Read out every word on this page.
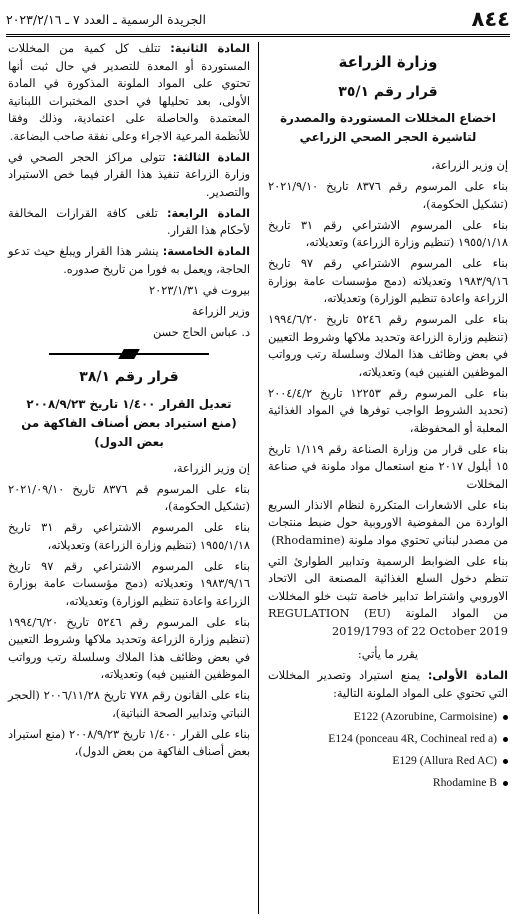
٨٤٤
الجريدة الرسمية ـ العدد ٧ ـ ٢٠٢٣/٢/١٦
وزارة الزراعة
قرار رقم ٣٥/١
اخضاع المخللات المستوردة والمصدرة لتاشيرة الحجر الصحي الزراعي

إن وزير الزراعة،

بناء على المرسوم رقم ٨٣٧٦ تاريخ ٢٠٢١/٩/١٠ (تشكيل الحكومة)،

بناء على المرسوم الاشتراعي رقم ٣١ تاريخ ١٩٥٥/١/١٨ (تنظيم وزارة الزراعة) وتعديلاته،

بناء على المرسوم الاشتراعي رقم ٩٧ تاريخ ١٩٨٣/٩/١٦ وتعديلاته (دمج مؤسسات عامة بوزارة الزراعة واعادة تنظيم الوزارة) وتعديلاته،

بناء على المرسوم رقم ٥٢٤٦ تاريخ ١٩٩٤/٦/٢٠ (تنظيم وزارة الزراعة وتحديد ملاكها وشروط التعيين في بعض وظائف هذا الملاك وسلسلة رتب ورواتب الموظفين الفنيين فيه) وتعديلاته،

بناء على المرسوم رقم ١٢٢٥٣ تاريخ ٢٠٠٤/٤/٢ (تحديد الشروط الواجب توفرها في المواد الغذائية المعلبة أو المحفوظة،

بناء على قرار من وزارة الصناعة رقم ١/١١٩ تاريخ ١٥ أيلول ٢٠١٧ منع استعمال مواد ملونة في صناعة المخللات

بناء على الاشعارات المتكررة لنظام الانذار السريع الواردة من المفوضية الاوروبية حول ضبط منتجات من مصدر لبناني تحتوي مواد ملونة (Rhodamine)

بناء على الضوابط الرسمية وتدابير الطوارئ التي تنظم دخول السلع الغذائية المصنعة الى الاتحاد الاوروبي واشتراط تدابير خاصة تثبت خلو المخللات من المواد الملونة REGULATION (EU) 2019/1793 of 22 October 2019

يقرر ما يأتي:

المادة الأولى: يمنع استيراد وتصدير المخللات التي تحتوي على المواد الملونة التالية:

E122 (Azorubine, Carmoisine)
E124 (ponceau 4R, Cochineal red a)
E129 (Allura Red AC)
Rhodamine B

المادة الثانية: تتلف كل كمية من المخللات المستوردة أو المعدة للتصدير في حال ثبت أنها تحتوي على المواد الملونة المذكورة في المادة الأولى، بعد تحليلها في احدى المختبرات اللبنانية المعتمدة والحاصلة على اعتمادية، وذلك وفقا للأنظمة المرعية الاجراء وعلى نفقة صاحب البضاعة.

المادة الثالثة: تتولى مراكز الحجر الصحي في وزارة الزراعة تنفيذ هذا القرار فيما خص الاستيراد والتصدير.

المادة الرابعة: تلغى كافة القرارات المخالفة لأحكام هذا القرار.

المادة الخامسة: ينشر هذا القرار ويبلغ حيث تدعو الحاجة، ويعمل به فورا من تاريخ صدوره.

بيروت في ٢٠٢٣/١/٣١

وزير الزراعة

د. عباس الحاج حسن

قرار رقم ٣٨/١
تعديل القرار ١/٤٠٠ تاريخ ٢٠٠٨/٩/٢٣
(منع استيراد بعض أصناف الفاكهة من بعض الدول)

إن وزير الزراعة،

بناء على المرسوم قم ٨٣٧٦ تاريخ ٢٠٢١/٠٩/١٠ (تشكيل الحكومة)،

بناء على المرسوم الاشتراعي رقم ٣١ تاريخ ١٩٥٥/١/١٨ (تنظيم وزارة الزراعة) وتعديلاته،

بناء على المرسوم الاشتراعي رقم ٩٧ تاريخ ١٩٨٣/٩/١٦ وتعديلاته (دمج مؤسسات عامة بوزارة الزراعة واعادة تنظيم الوزارة) وتعديلاته،

بناء على المرسوم رقم ٥٢٤٦ تاريخ ١٩٩٤/٦/٢٠ (تنظيم وزارة الزراعة وتحديد ملاكها وشروط التعيين في بعض وظائف هذا الملاك وسلسلة رتب ورواتب الموظفين الفنيين فيه) وتعديلاته،

بناء على القانون رقم ٧٧٨ تاريخ ٢٠٠٦/١١/٢٨ (الحجر النباتي وتدابير الصحة النباتية)،

بناء على القرار ١/٤٠٠ تاريخ ٢٠٠٨/٩/٢٣ (منع استيراد بعض أصناف الفاكهة من بعض الدول)،
